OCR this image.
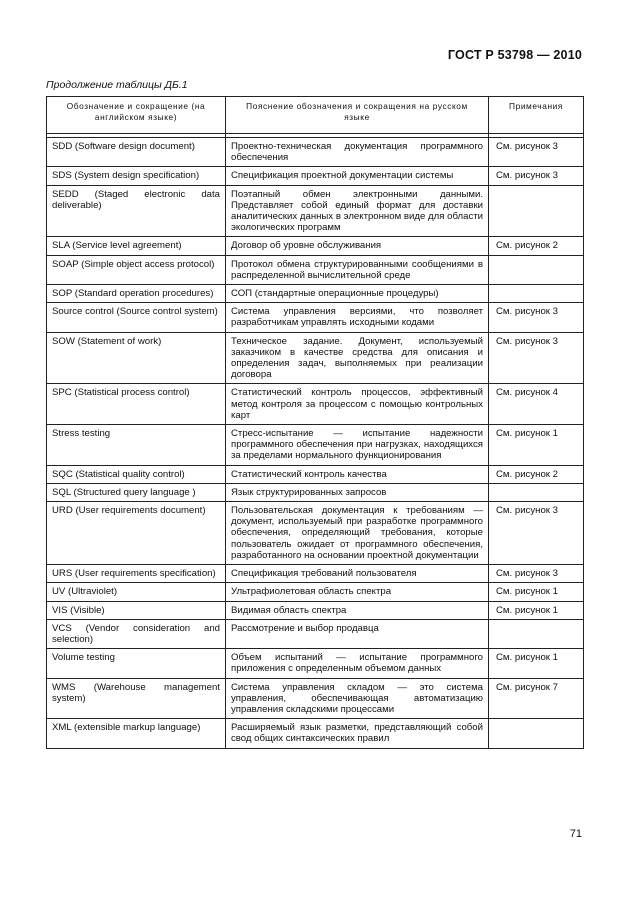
ГОСТ Р 53798 — 2010
Продолжение таблицы ДБ.1
Обозначение и сокращение (на английском языке)	Пояснение обозначения и сокращения на русском языке	Примечания

SDD (Software design document)	Проектно-техническая документация программного обеспечения	См. рисунок 3
SDS (System design specification)	Спецификация проектной документации системы	См. рисунок 3
SEDD (Staged electronic data deliverable)	Поэтапный обмен электронными данными. Представляет собой единый формат для доставки аналитических данных в электронном виде для области экологических программ	
SLA (Service level agreement)	Договор об уровне обслуживания	См. рисунок 2
SOAP (Simple object access protocol)	Протокол обмена структурированными сообщениями в распределенной вычислительной среде	
SOP (Standard operation procedures)	СОП (стандартные операционные процедуры)	
Source control (Source control system)	Система управления версиями, что позволяет разработчикам управлять исходными кодами	См. рисунок 3
SOW (Statement of work)	Техническое задание. Документ, используемый заказчиком в качестве средства для описания и определения задач, выполняемых при реализации договора	См. рисунок 3
SPC (Statistical process control)	Статистический контроль процессов, эффективный метод контроля за процессом с помощью контрольных карт	См. рисунок 4
Stress testing	Стресс-испытание — испытание надежности программного обеспечения при нагрузках, находящихся за пределами нормального функционирования	См. рисунок 1
SQC (Statistical quality control)	Статистический контроль качества	См. рисунок 2
SQL (Structured query language )	Язык структурированных запросов	
URD (User requirements document)	Пользовательская документация к требованиям — документ, используемый при разработке программного обеспечения, определяющий требования, которые пользователь ожидает от программного обеспечения, разработанного на основании проектной документации	См. рисунок 3
URS (User requirements specification)	Спецификация требований пользователя	См. рисунок 3
UV (Ultraviolet)	Ультрафиолетовая область спектра	См. рисунок 1
VIS (Visible)	Видимая область спектра	См. рисунок 1
VCS (Vendor consideration and selection)	Рассмотрение и выбор продавца	
Volume testing	Объем испытаний — испытание программного приложения с определенным объемом данных	См. рисунок 1
WMS (Warehouse management system)	Система управления складом — это система управления, обеспечивающая автоматизацию управления складскими процессами	См. рисунок 7
XML (extensible markup language)	Расширяемый язык разметки, представляющий собой свод общих синтаксических правил	
71
